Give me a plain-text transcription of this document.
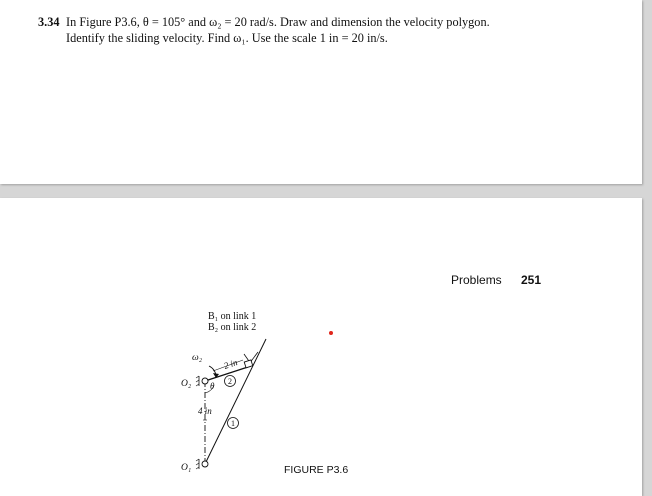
3.34 In Figure P3.6, θ = 105° and ω₂ = 20 rad/s. Draw and dimension the velocity polygon.
Identify the sliding velocity. Find ω₁. Use the scale 1 in = 20 in/s.
Problems 251
B₁ on link 1
B₂ on link 2
ω₂
O₂
O₁
2 in
4 in
θ 2
1
FIGURE P3.6
